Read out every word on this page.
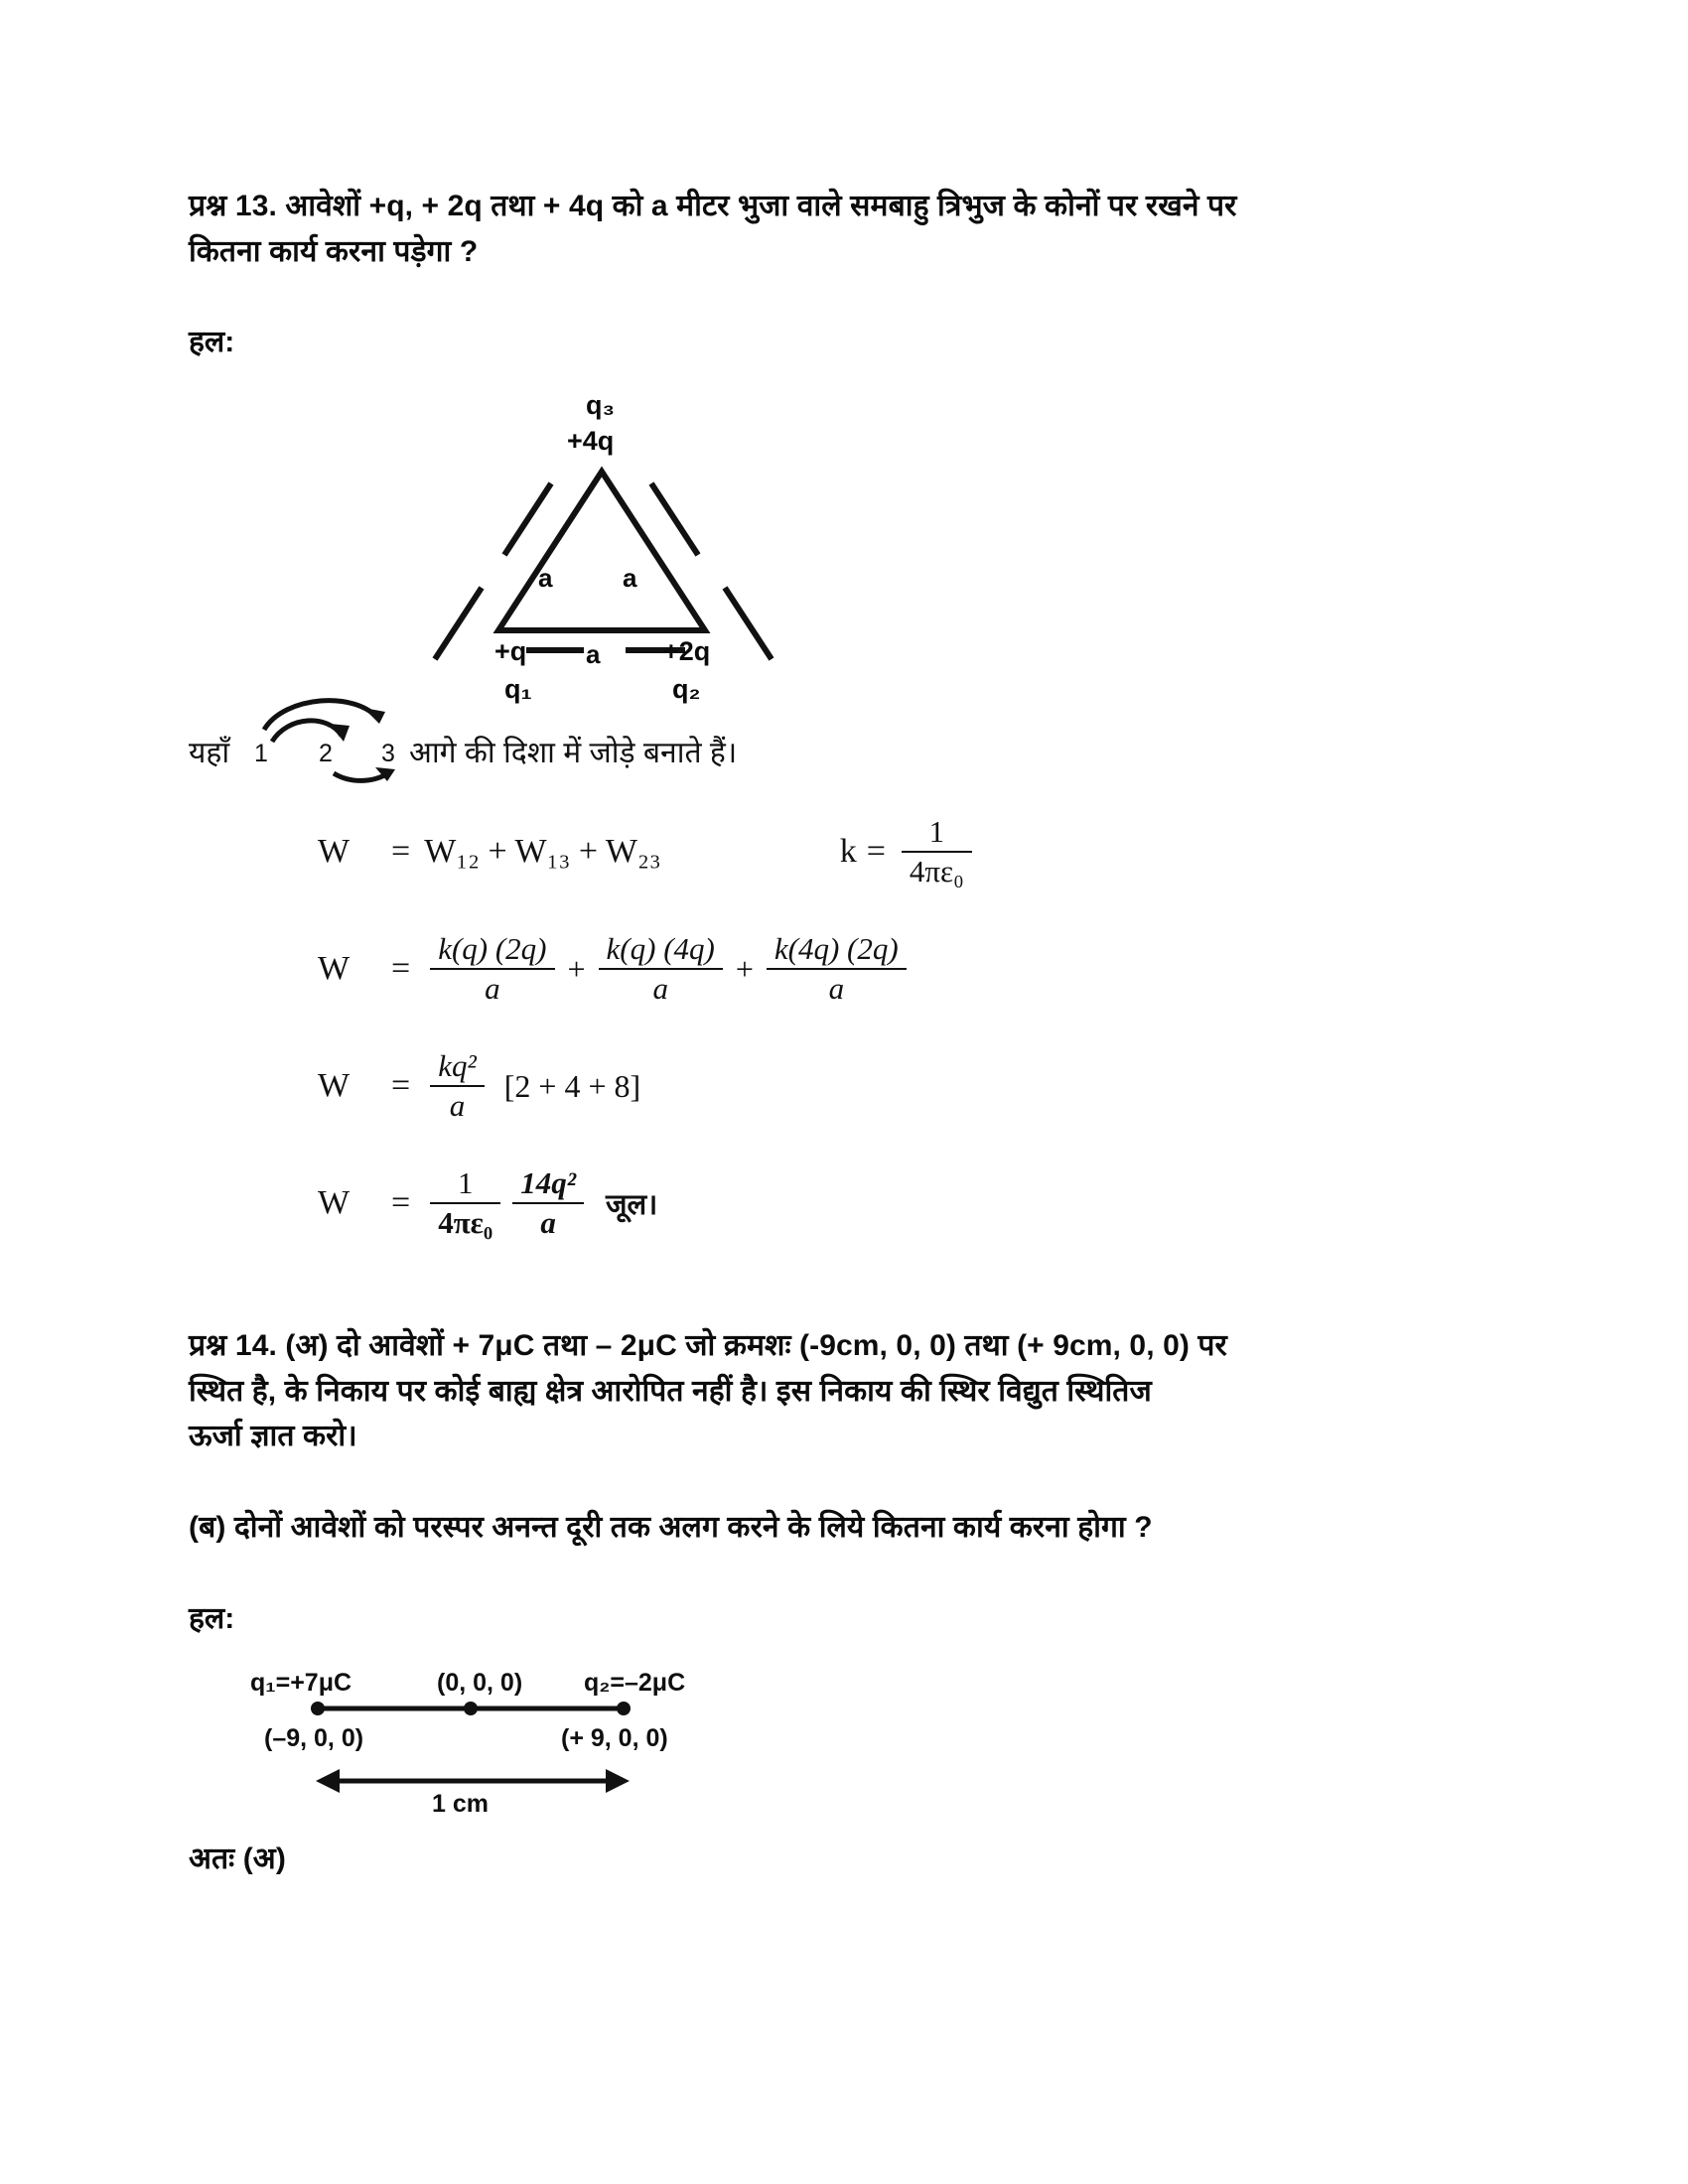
प्रश्न 13. आवेशों +q, + 2q तथा + 4q को a मीटर भुजा वाले समबाहु त्रिभुज के कोनों पर रखने पर
कितना कार्य करना पड़ेगा ?
हल:
q₃
+4q
a	a
a
+q
q₁
+2q
q₂
यहाँ 1 2 3 आगे की दिशा में जोड़े बनाते हैं।
W	= W₁₂ + W₁₃ + W₂₃	$k = \frac{1}{\text{4πε₀}}$
W	= $\frac{k(q) (2q)}{a} + \frac{k(q) (4q)}{a} + \frac{k(4q) (2q)}{a}$
W	= $\frac{\text{kq²}}{a} [2 + 4 + 8]$
W	= $\frac{1}{\text{4πε₀}} \frac{\text{14q²}}{a}$ जूल।
प्रश्न 14. (अ) दो आवेशों + 7μC तथा – 2μC जो क्रमशः (-9cm, 0, 0) तथा (+ 9cm, 0, 0) पर
स्थित है, के निकाय पर कोई बाह्य क्षेत्र आरोपित नहीं है। इस निकाय की स्थिर विद्युत स्थितिज
ऊर्जा ज्ञात करो।
(ब) दोनों आवेशों को परस्पर अनन्त दूरी तक अलग करने के लिये कितना कार्य करना होगा ?
हल:
q₁=+7μC	(0, 0, 0) q₂=–2μC
(–9, 0, 0)	(+ 9, 0, 0)
1 cm
अतः (अ)
